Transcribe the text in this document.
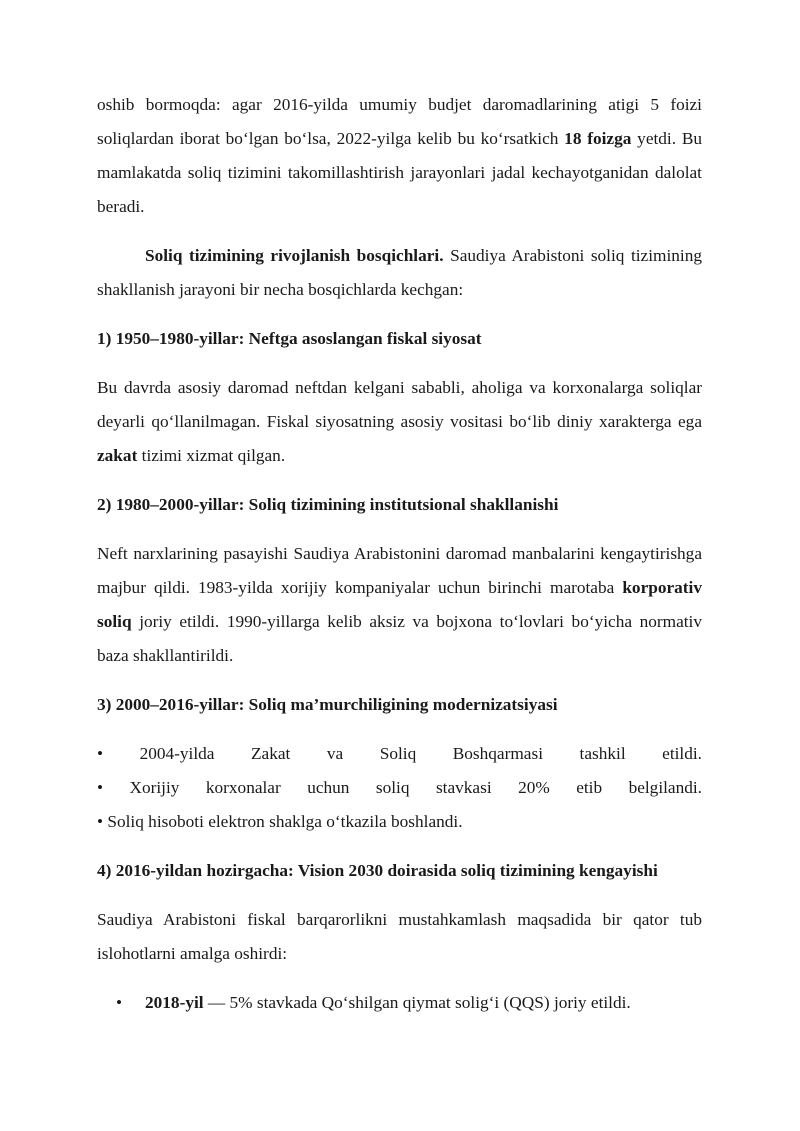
oshib bormoqda: agar 2016-yilda umumiy budjet daromadlarining atigi 5 foizi soliqlardan iborat bo‘lgan bo‘lsa, 2022-yilga kelib bu ko‘rsatkich 18 foizga yetdi. Bu mamlakatda soliq tizimini takomillashtirish jarayonlari jadal kechayotganidan dalolat beradi.

Soliq tizimining rivojlanish bosqichlari. Saudiya Arabistoni soliq tizimining shakllanish jarayoni bir necha bosqichlarda kechgan:

1) 1950–1980-yillar: Neftga asoslangan fiskal siyosat

Bu davrda asosiy daromad neftdan kelgani sababli, aholiga va korxonalarga soliqlar deyarli qo‘llanilmagan. Fiskal siyosatning asosiy vositasi bo‘lib diniy xarakterga ega zakat tizimi xizmat qilgan.

2) 1980–2000-yillar: Soliq tizimining institutsional shakllanishi

Neft narxlarining pasayishi Saudiya Arabistonini daromad manbalarini kengaytirishga majbur qildi. 1983-yilda xorijiy kompaniyalar uchun birinchi marotaba korporativ soliq joriy etildi. 1990-yillarga kelib aksiz va bojxona to‘lovlari bo‘yicha normativ baza shakllantirildi.

3) 2000–2016-yillar: Soliq ma’murchiligining modernizatsiyasi

• 2004-yilda Zakat va Soliq Boshqarmasi tashkil etildi.
• Xorijiy korxonalar uchun soliq stavkasi 20% etib belgilandi.
• Soliq hisoboti elektron shaklga o‘tkazila boshlandi.

4) 2016-yildan hozirgacha: Vision 2030 doirasida soliq tizimining kengayishi

Saudiya Arabistoni fiskal barqarorlikni mustahkamlash maqsadida bir qator tub islohotlarni amalga oshirdi:

• 2018-yil — 5% stavkada Qo‘shilgan qiymat solig‘i (QQS) joriy etildi.
